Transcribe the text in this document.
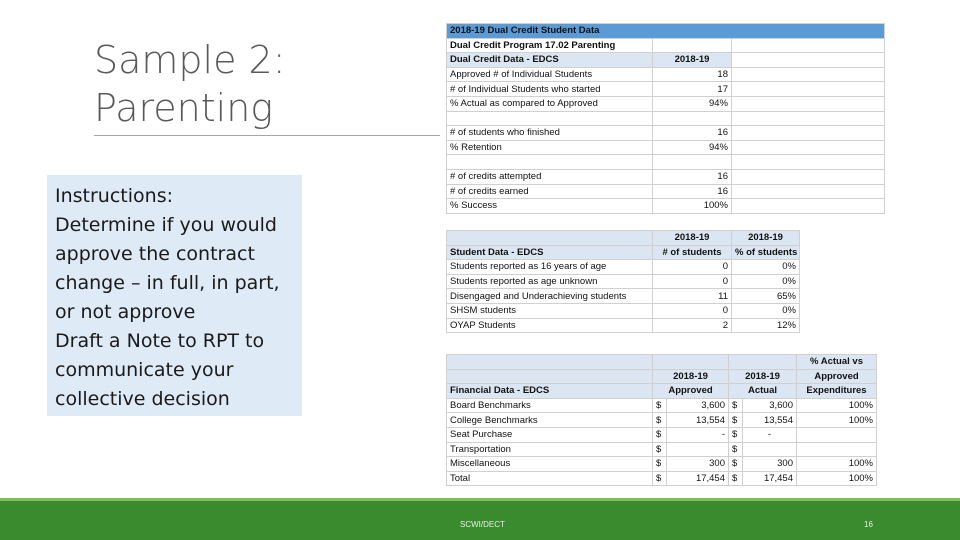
Sample 2:
Parenting
Instructions:
Determine if you would
approve the contract
change – in full, in part,
or not approve
Draft a Note to RPT to
communicate your
collective decision
2018-19 Dual Credit Student Data		
Dual Credit Program 17.02 Parenting		
Dual Credit Data - EDCS	2018-19	
Approved # of Individual Students	18	
# of Individual Students who started	17	
% Actual as compared to Approved	94%	

# of students who finished	16	
% Retention	94%	

# of credits attempted	16	
# of credits earned	16	
% Success	100%	
	2018-19	2018-19
Student Data - EDCS	# of students	% of students
Students reported as 16 years of age	0	0%
Students reported as age unknown	0	0%
Disengaged and Underachieving students	11	65%
SHSM students	0	0%
OYAP Students	2	12%
					% Actual vs
	2018-19		2018-19		Approved
Financial Data - EDCS	Approved		Actual		Expenditures
Board Benchmarks	$	3,600	$	3,600	100%
College Benchmarks	$	13,554	$	13,554	100%
Seat Purchase	$	-	$	-	
Transportation	$		$		
Miscellaneous	$	300	$	300	100%
Total	$	17,454	$	17,454	100%
SCWI/DECT	16
